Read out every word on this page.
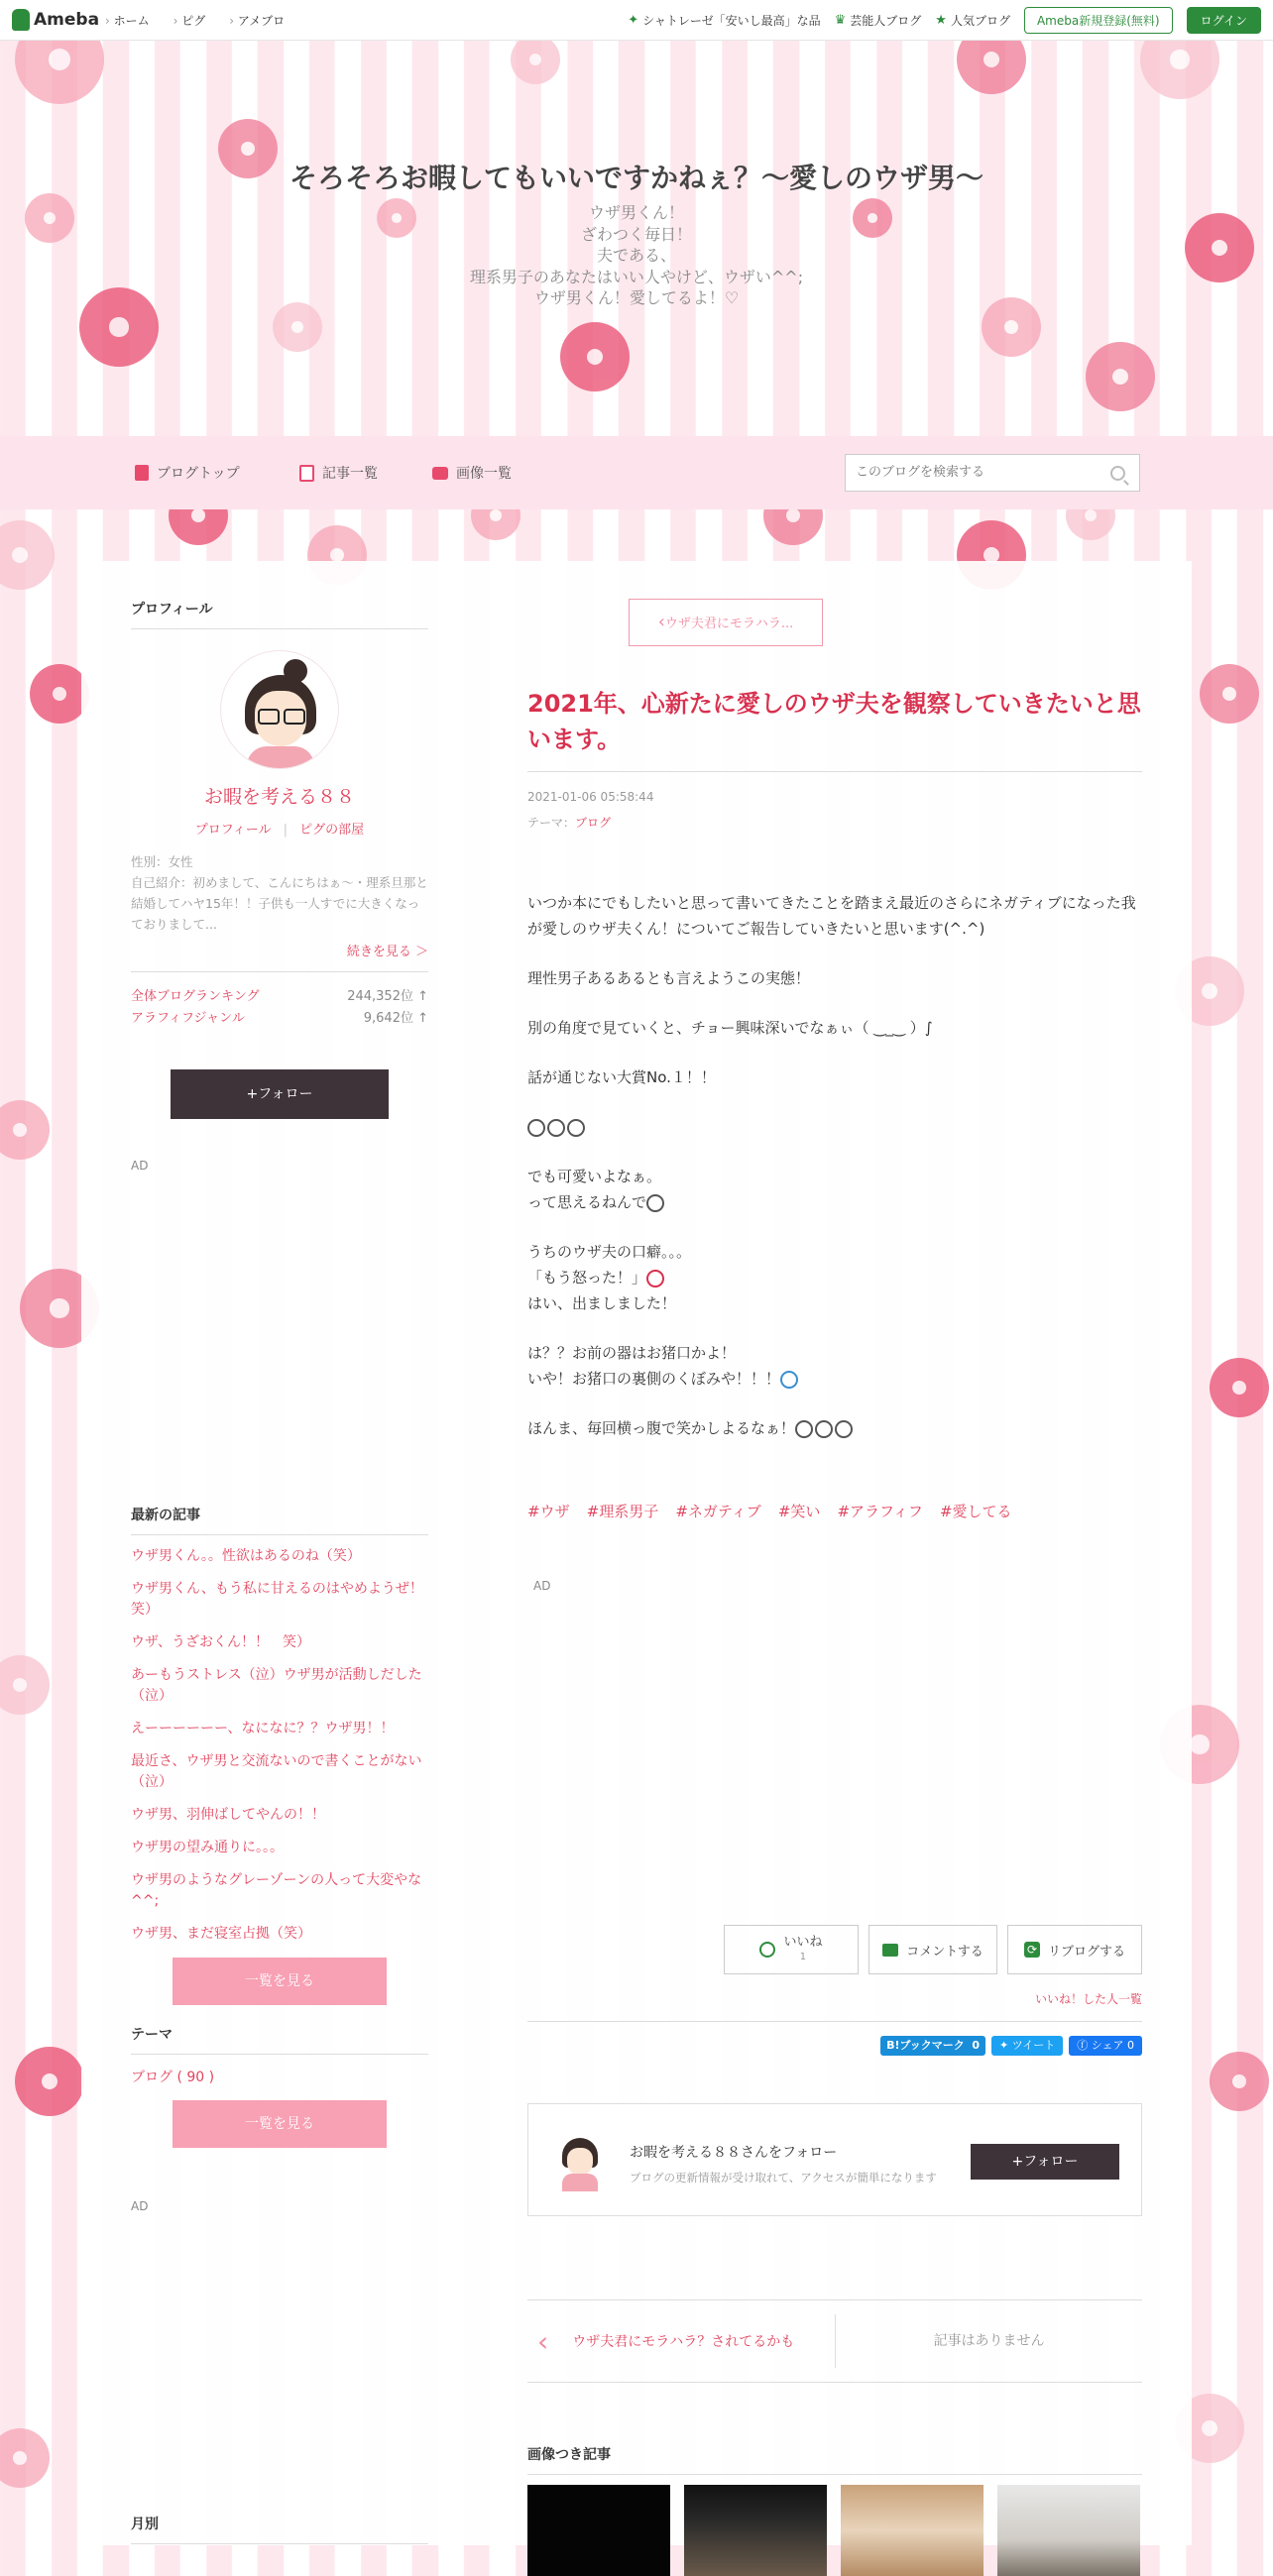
Ameba	› ホーム	› ピグ	› アメブロ	✦ シャトレーゼ「安いし最高」な品 ♛ 芸能人ブログ ★ 人気ブログ	Ameba新規登録(無料)	ログイン
そろそろお暇してもいいですかねぇ？〜愛しのウザ男〜
ウザ男くん！
ざわつく毎日！
夫である、
理系男子のあなたはいい人やけど、ウザい^^;
ウザ男くん！愛してるよ！♡
ブログトップ	記事一覧	画像一覧
このブログを検索する
プロフィール
お暇を考える８８
プロフィール | ピグの部屋
性別：女性
自己紹介：初めまして、こんにちはぁ〜・理系旦那と結婚してハヤ15年！！子供も一人すでに大きくなっておりまして...
続きを見る ＞
全体ブログランキング	244,352位 ↑
アラフィフジャンル	9,642位 ↑
+フォロー
AD
最新の記事
ウザ男くん。。性欲はあるのね（笑）
ウザ男くん、もう私に甘えるのはやめようぜ！笑）
ウザ、うざおくん！！　笑）
あーもうストレス（泣）ウザ男が活動しだした（泣）
えーーーーーー、なになに？？ウザ男！！
最近さ、ウザ男と交流ないので書くことがない（泣）
ウザ男、羽伸ばしてやんの！！
ウザ男の望み通りに。。。
ウザ男のようなグレーゾーンの人って大変やな^^;
ウザ男、まだ寝室占拠（笑）
一覧を見る
テーマ
ブログ ( 90 )
一覧を見る
AD
月別
‹ウザ夫君にモラハラ...
2021年、心新たに愛しのウザ夫を観察していきたいと思います。
2021-01-06 05:58:44
テーマ：ブログ

いつか本にでもしたいと思って書いてきたことを踏まえ最近のさらにネガティブになった我が愛しのウザ夫くん！についてご報告していきたいと思います(^.^)

理性男子あるあるとも言えようこの実態！

別の角度で見ていくと、チョー興味深いでなぁぃ（ ‿_‿ ）∫

話が通じない大賞No.１！！

でも可愛いよなぁ。
って思えるねんで

うちのウザ夫の口癖。。。
「もう怒った！」
はい、出ましました！

は？？お前の器はお猪口かよ！
いや！お猪口の裏側のくぼみや！！！

ほんま、毎回横っ腹で笑かしよるなぁ！

#ウザ #理系男子 #ネガティブ #笑い #アラフィフ #愛してる
AD
いいね
1	コメントする	⟳ リブログする
いいね！した人一覧
B!ブックマーク 0	✦ ツイート	ⓕ シェア 0
お暇を考える８８さんをフォロー
ブログの更新情報が受け取れて、アクセスが簡単になります
+フォロー
‹ ウザ夫君にモラハラ？されてるかも	記事はありません
画像つき記事
